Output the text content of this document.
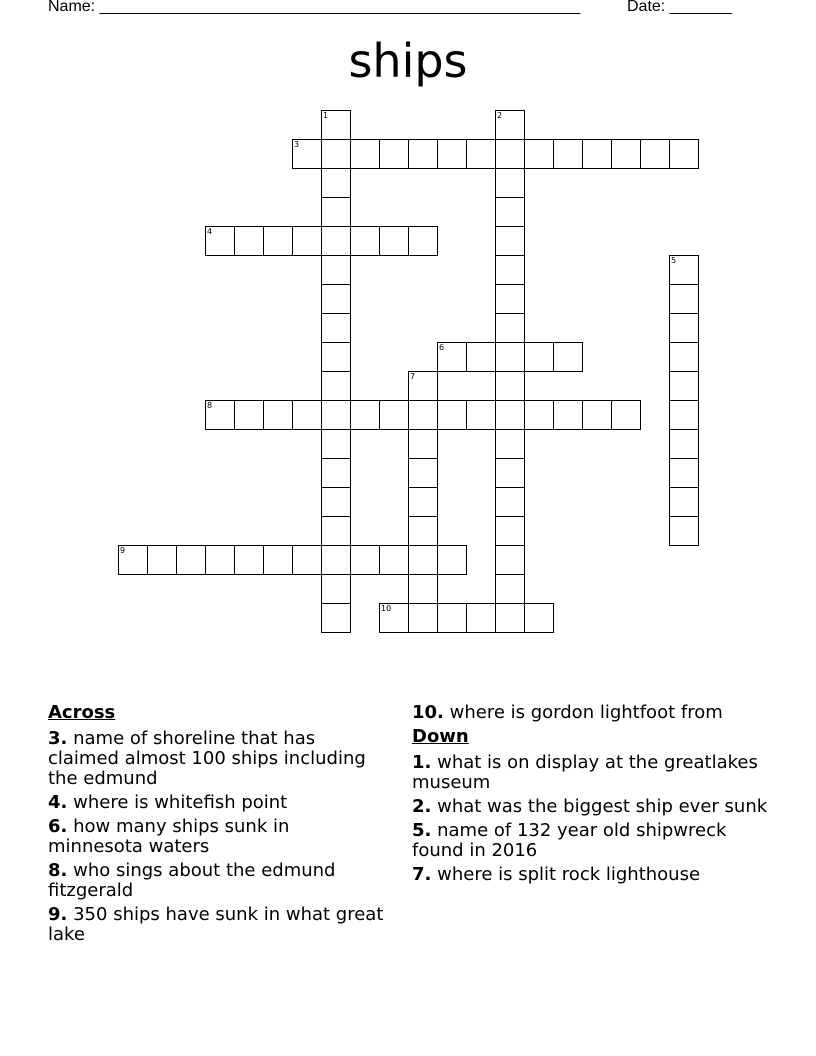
Name: ______________________________________________________	Date: _______
ships
1	2
3
4
5
6
7
8
9
10
Across
3. name of shoreline that has claimed almost 100 ships including the edmund
4. where is whitefish point
6. how many ships sunk in minnesota waters
8. who sings about the edmund fitzgerald
9. 350 ships have sunk in what great lake
10. where is gordon lightfoot from
Down
1. what is on display at the greatlakes museum
2. what was the biggest ship ever sunk
5. name of 132 year old shipwreck found in 2016
7. where is split rock lighthouse
